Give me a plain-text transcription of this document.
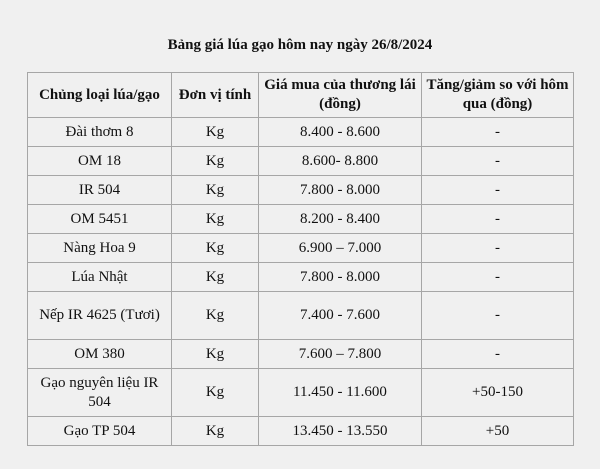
Bảng giá lúa gạo hôm nay ngày 26/8/2024
Chủng loại lúa/gạo	Đơn vị tính	Giá mua của thương lái (đồng)	Tăng/giảm so với hôm qua (đồng)
Đài thơm 8	Kg	8.400 - 8.600	-
OM 18	Kg	8.600- 8.800	-
IR 504	Kg	7.800 - 8.000	-
OM 5451	Kg	8.200 - 8.400	-
Nàng Hoa 9	Kg	6.900 – 7.000	-
Lúa Nhật	Kg	7.800 - 8.000	-
Nếp IR 4625 (Tươi)	Kg	7.400 - 7.600	-
OM 380	Kg	7.600 – 7.800	-
Gạo nguyên liệu IR 504	Kg	11.450 - 11.600	+50-150
Gạo TP 504	Kg	13.450 - 13.550	+50
